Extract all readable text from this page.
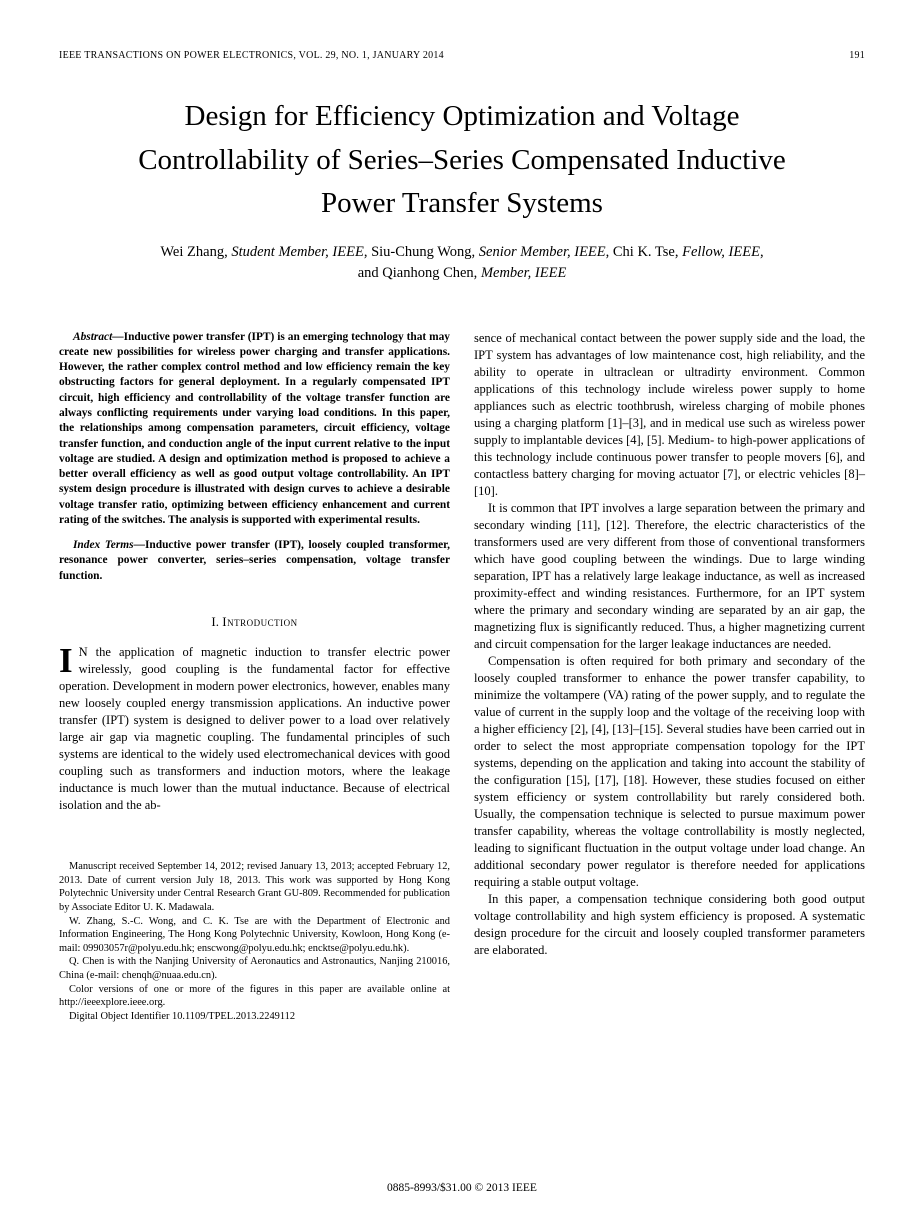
IEEE TRANSACTIONS ON POWER ELECTRONICS, VOL. 29, NO. 1, JANUARY 2014	191
Design for Efficiency Optimization and Voltage Controllability of Series–Series Compensated Inductive Power Transfer Systems
Wei Zhang, Student Member, IEEE, Siu-Chung Wong, Senior Member, IEEE, Chi K. Tse, Fellow, IEEE,
and Qianhong Chen, Member, IEEE

Abstract—Inductive power transfer (IPT) is an emerging technology that may create new possibilities for wireless power charging and transfer applications. However, the rather complex control method and low efficiency remain the key obstructing factors for general deployment. In a regularly compensated IPT circuit, high efficiency and controllability of the voltage transfer function are always conflicting requirements under varying load conditions. In this paper, the relationships among compensation parameters, circuit efficiency, voltage transfer function, and conduction angle of the input current relative to the input voltage are studied. A design and optimization method is proposed to achieve a better overall efficiency as well as good output voltage controllability. An IPT system design procedure is illustrated with design curves to achieve a desirable voltage transfer ratio, optimizing between efficiency enhancement and current rating of the switches. The analysis is supported with experimental results.

Index Terms—Inductive power transfer (IPT), loosely coupled transformer, resonance power converter, series–series compensation, voltage transfer function.

I. Introduction

I N the application of magnetic induction to transfer electric power wirelessly, good coupling is the fundamental factor for effective operation. Development in modern power electronics, however, enables many new loosely coupled energy transmission applications. An inductive power transfer (IPT) system is designed to deliver power to a load over relatively large air gap via magnetic coupling. The fundamental principles of such systems are identical to the widely used electromechanical devices with good coupling such as transformers and induction motors, where the leakage inductance is much lower than the mutual inductance. Because of electrical isolation and the ab-

Manuscript received September 14, 2012; revised January 13, 2013; accepted February 12, 2013. Date of current version July 18, 2013. This work was supported by Hong Kong Polytechnic University under Central Research Grant GU-809. Recommended for publication by Associate Editor U. K. Madawala.

W. Zhang, S.-C. Wong, and C. K. Tse are with the Department of Electronic and Information Engineering, The Hong Kong Polytechnic University, Kowloon, Hong Kong (e-mail: 09903057r@polyu.edu.hk; enscwong@polyu.edu.hk; encktse@polyu.edu.hk).

Q. Chen is with the Nanjing University of Aeronautics and Astronautics, Nanjing 210016, China (e-mail: chenqh@nuaa.edu.cn).

Color versions of one or more of the figures in this paper are available online at http://ieeexplore.ieee.org.

Digital Object Identifier 10.1109/TPEL.2013.2249112

sence of mechanical contact between the power supply side and the load, the IPT system has advantages of low maintenance cost, high reliability, and the ability to operate in ultraclean or ultradirty environment. Common applications of this technology include wireless power supply to home appliances such as electric toothbrush, wireless charging of mobile phones using a charging platform [1]–[3], and in medical use such as wireless power supply to implantable devices [4], [5]. Medium- to high-power applications of this technology include continuous power transfer to people movers [6], and contactless battery charging for moving actuator [7], or electric vehicles [8]–[10].

It is common that IPT involves a large separation between the primary and secondary winding [11], [12]. Therefore, the electric characteristics of the transformers used are very different from those of conventional transformers which have good coupling between the windings. Due to large winding separation, IPT has a relatively large leakage inductance, as well as increased proximity-effect and winding resistances. Furthermore, for an IPT system where the primary and secondary winding are separated by an air gap, the magnetizing flux is significantly reduced. Thus, a higher magnetizing current and circuit compensation for the larger leakage inductances are needed.

Compensation is often required for both primary and secondary of the loosely coupled transformer to enhance the power transfer capability, to minimize the voltampere (VA) rating of the power supply, and to regulate the value of current in the supply loop and the voltage of the receiving loop with a higher efficiency [2], [4], [13]–[15]. Several studies have been carried out in order to select the most appropriate compensation topology for the IPT systems, depending on the application and taking into account the stability of the configuration [15], [17], [18]. However, these studies focused on either system efficiency or system controllability but rarely considered both. Usually, the compensation technique is selected to pursue maximum power transfer capability, whereas the voltage controllability is mostly neglected, leading to significant fluctuation in the output voltage under load change. An additional secondary power regulator is therefore needed for applications requiring a stable output voltage.

In this paper, a compensation technique considering both good output voltage controllability and high system efficiency is proposed. A systematic design procedure for the circuit and loosely coupled transformer parameters are elaborated.

0885-8993/$31.00 © 2013 IEEE
